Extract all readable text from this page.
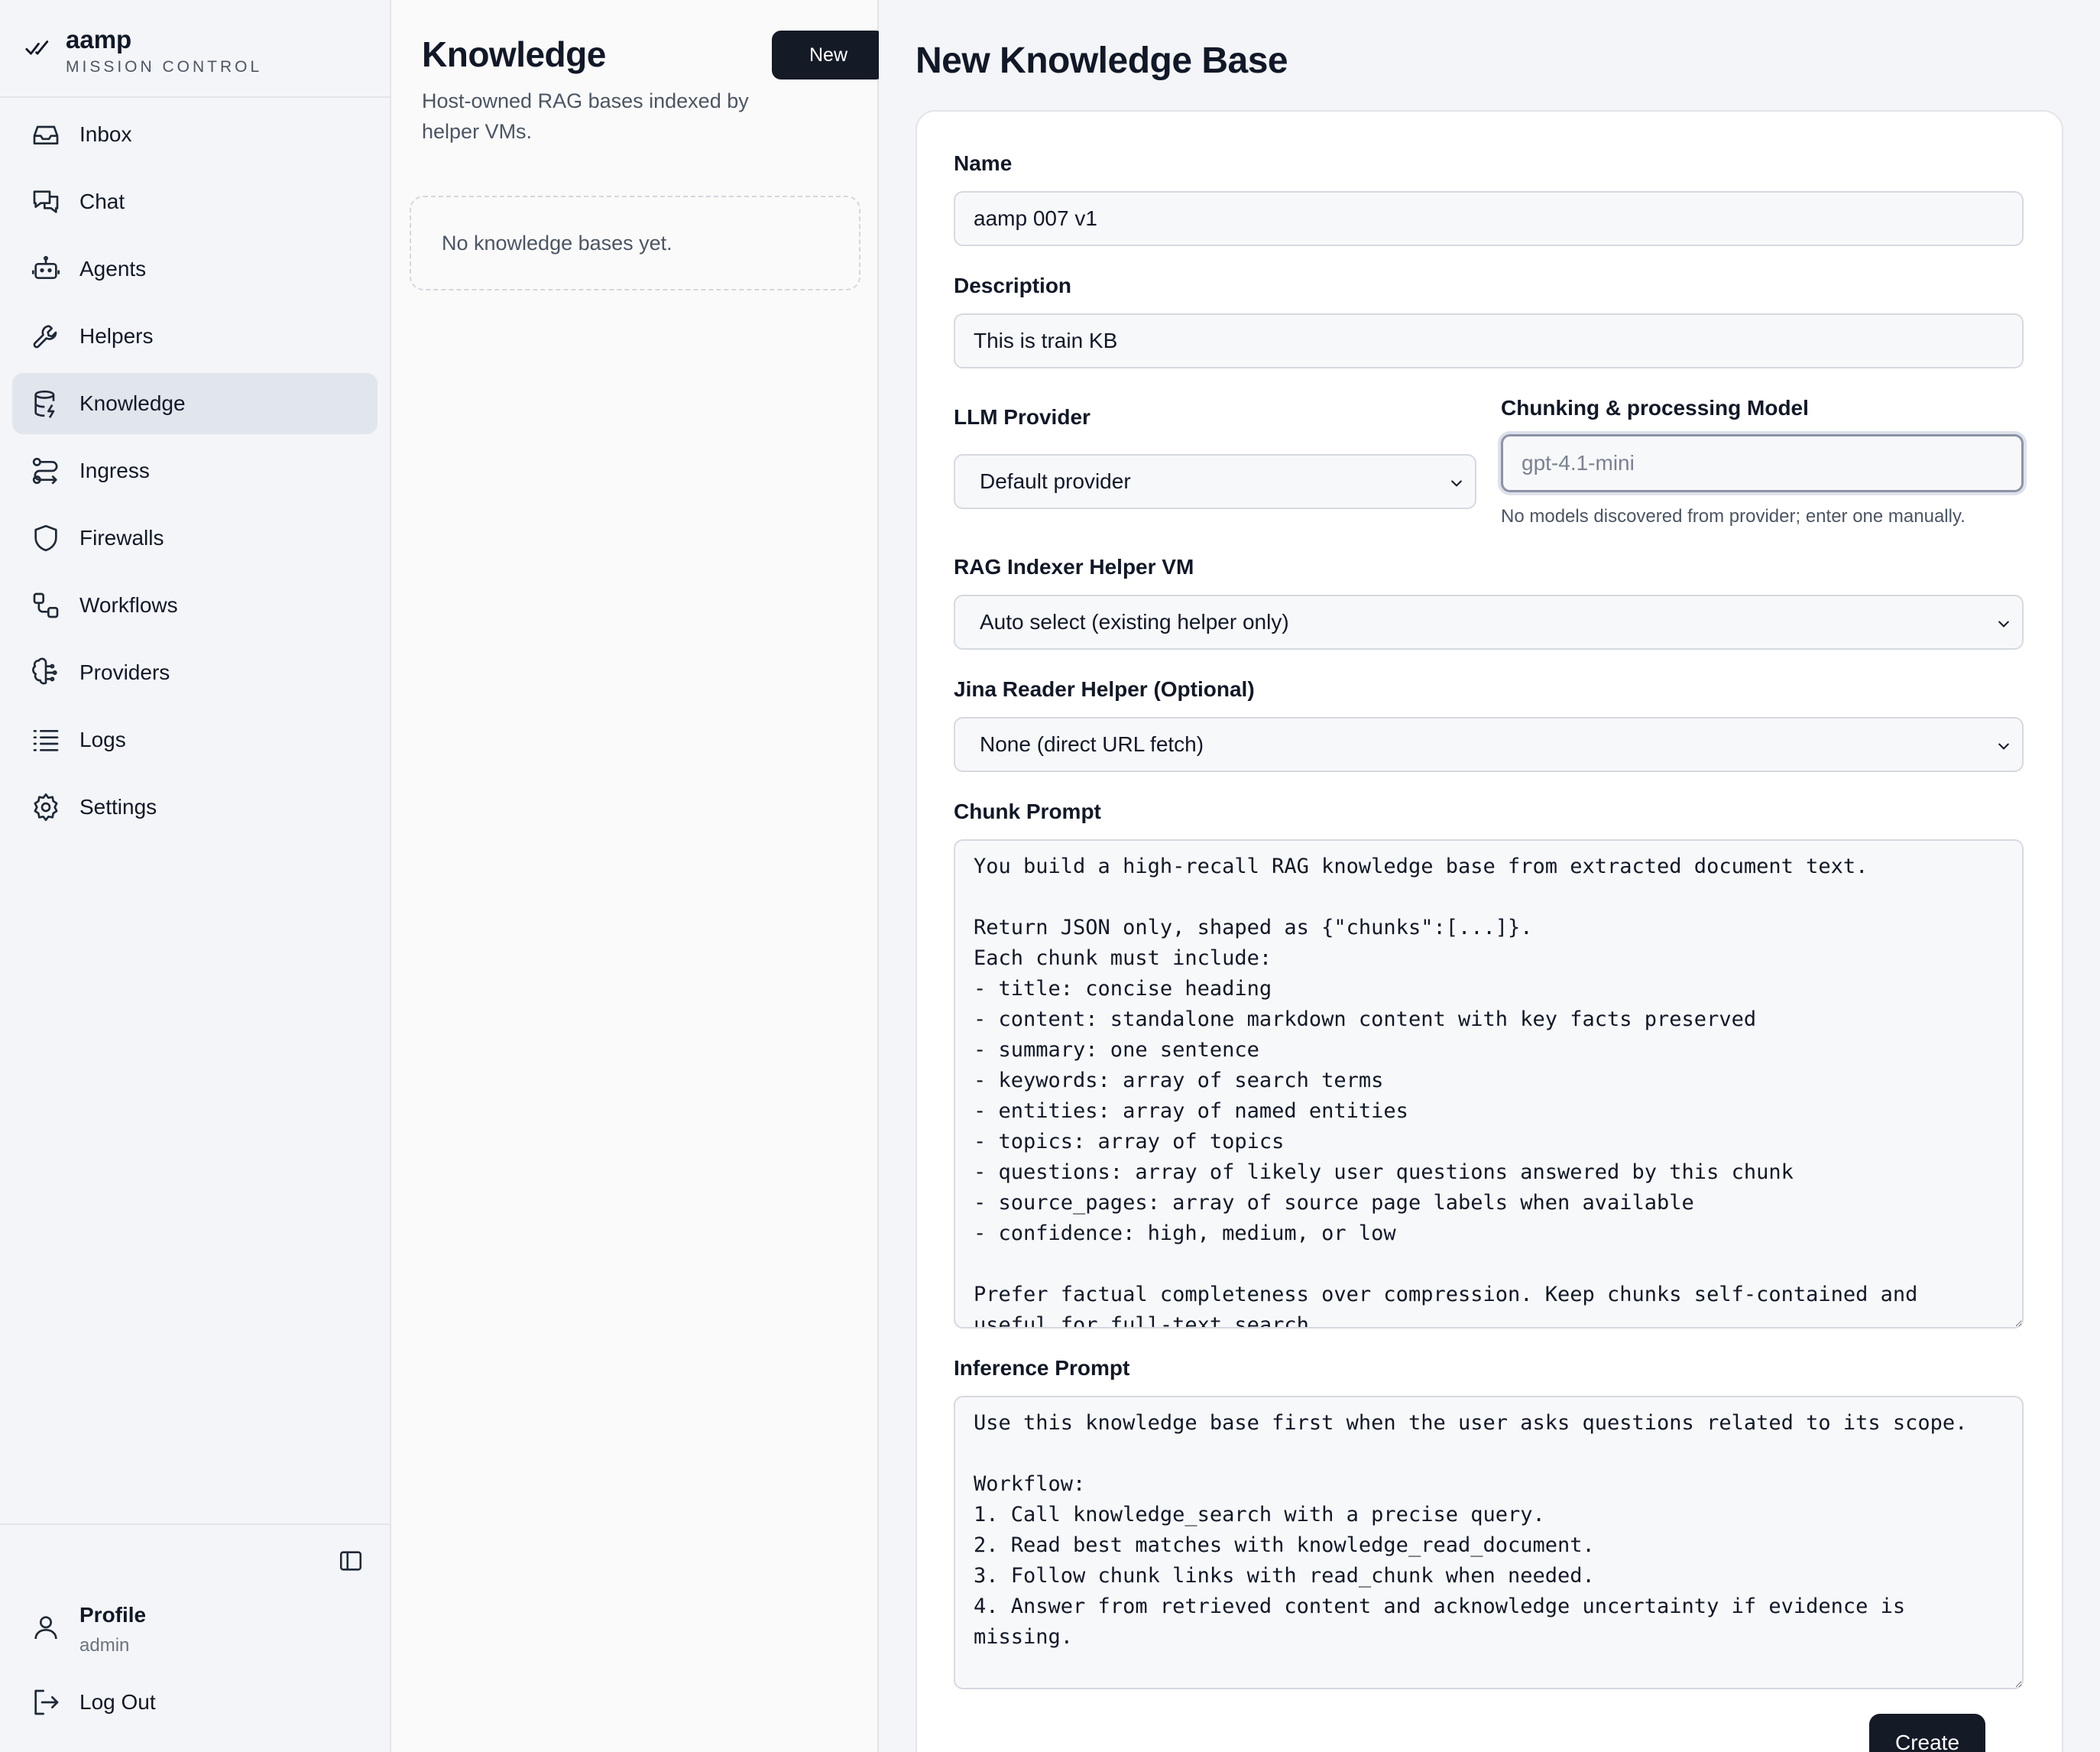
aamp
MISSION CONTROL
Inbox
Chat
Agents
Helpers
Knowledge
Ingress
Firewalls
Workflows
Providers
Logs
Settings
Profile
admin
Log Out
Knowledge

Host-owned RAG bases indexed by helper VMs.

New
No knowledge bases yet.
New Knowledge Base
Name
aamp 007 v1
Description
This is train KB
LLM Provider
Default provider
Chunking & processing Model
gpt-4.1-mini
No models discovered from provider; enter one manually.
RAG Indexer Helper VM
Auto select (existing helper only)
Jina Reader Helper (Optional)
None (direct URL fetch)
Chunk Prompt
You build a high-recall RAG knowledge base from extracted document text. Return JSON only, shaped as {"chunks":[...]}. Each chunk must include: - title: concise heading - content: standalone markdown content with key facts preserved - summary: one sentence - keywords: array of search terms - entities: array of named entities - topics: array of topics - questions: array of likely user questions answered by this chunk - source_pages: array of source page labels when available - confidence: high, medium, or low Prefer factual completeness over compression. Keep chunks self-contained and useful for full-text search.
Inference Prompt
Use this knowledge base first when the user asks questions related to its scope. Workflow: 1. Call knowledge_search with a precise query. 2. Read best matches with knowledge_read_document. 3. Follow chunk links with read_chunk when needed. 4. Answer from retrieved content and acknowledge uncertainty if evidence is missing.
Create
